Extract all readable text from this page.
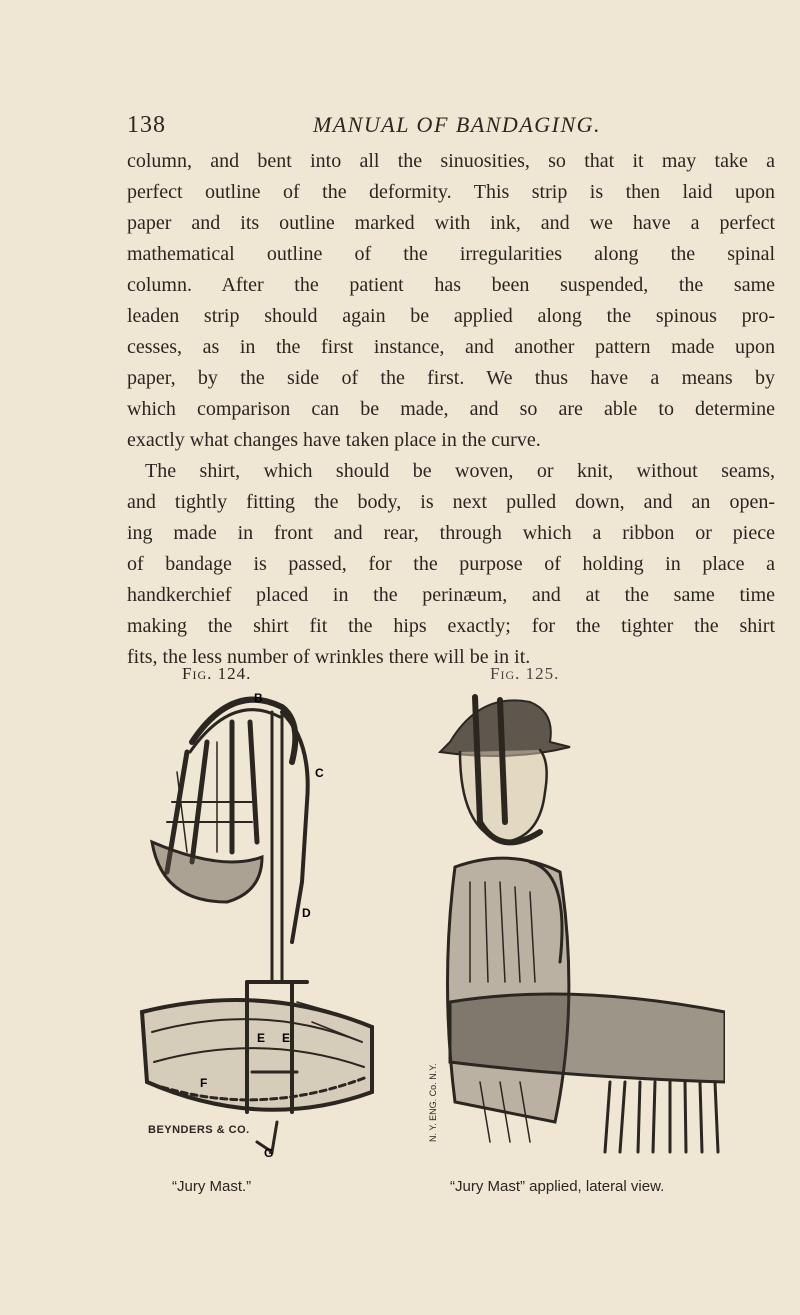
138	MANUAL OF BANDAGING.

column, and bent into all the sinuosities, so that it may take a

perfect outline of the deformity. This strip is then laid upon

paper and its outline marked with ink, and we have a perfect

mathematical outline of the irregularities along the spinal

column. After the patient has been suspended, the same

leaden strip should again be applied along the spinous pro-

cesses, as in the first instance, and another pattern made upon

paper, by the side of the first. We thus have a means by

which comparison can be made, and so are able to determine

exactly what changes have taken place in the curve.

The shirt, which should be woven, or knit, without seams,

and tightly fitting the body, is next pulled down, and an open-

ing made in front and rear, through which a ribbon or piece

of bandage is passed, for the purpose of holding in place a

handkerchief placed in the perinæum, and at the same time

making the shirt fit the hips exactly; for the tighter the shirt

fits, the less number of wrinkles there will be in it.

Fig. 124.	Fig. 125.
B
C
D
E E
F
G
BEYNDERS & CO.	N. Y. ENG. Co. N.Y.
“Jury Mast.”	“Jury Mast” applied, lateral view.
